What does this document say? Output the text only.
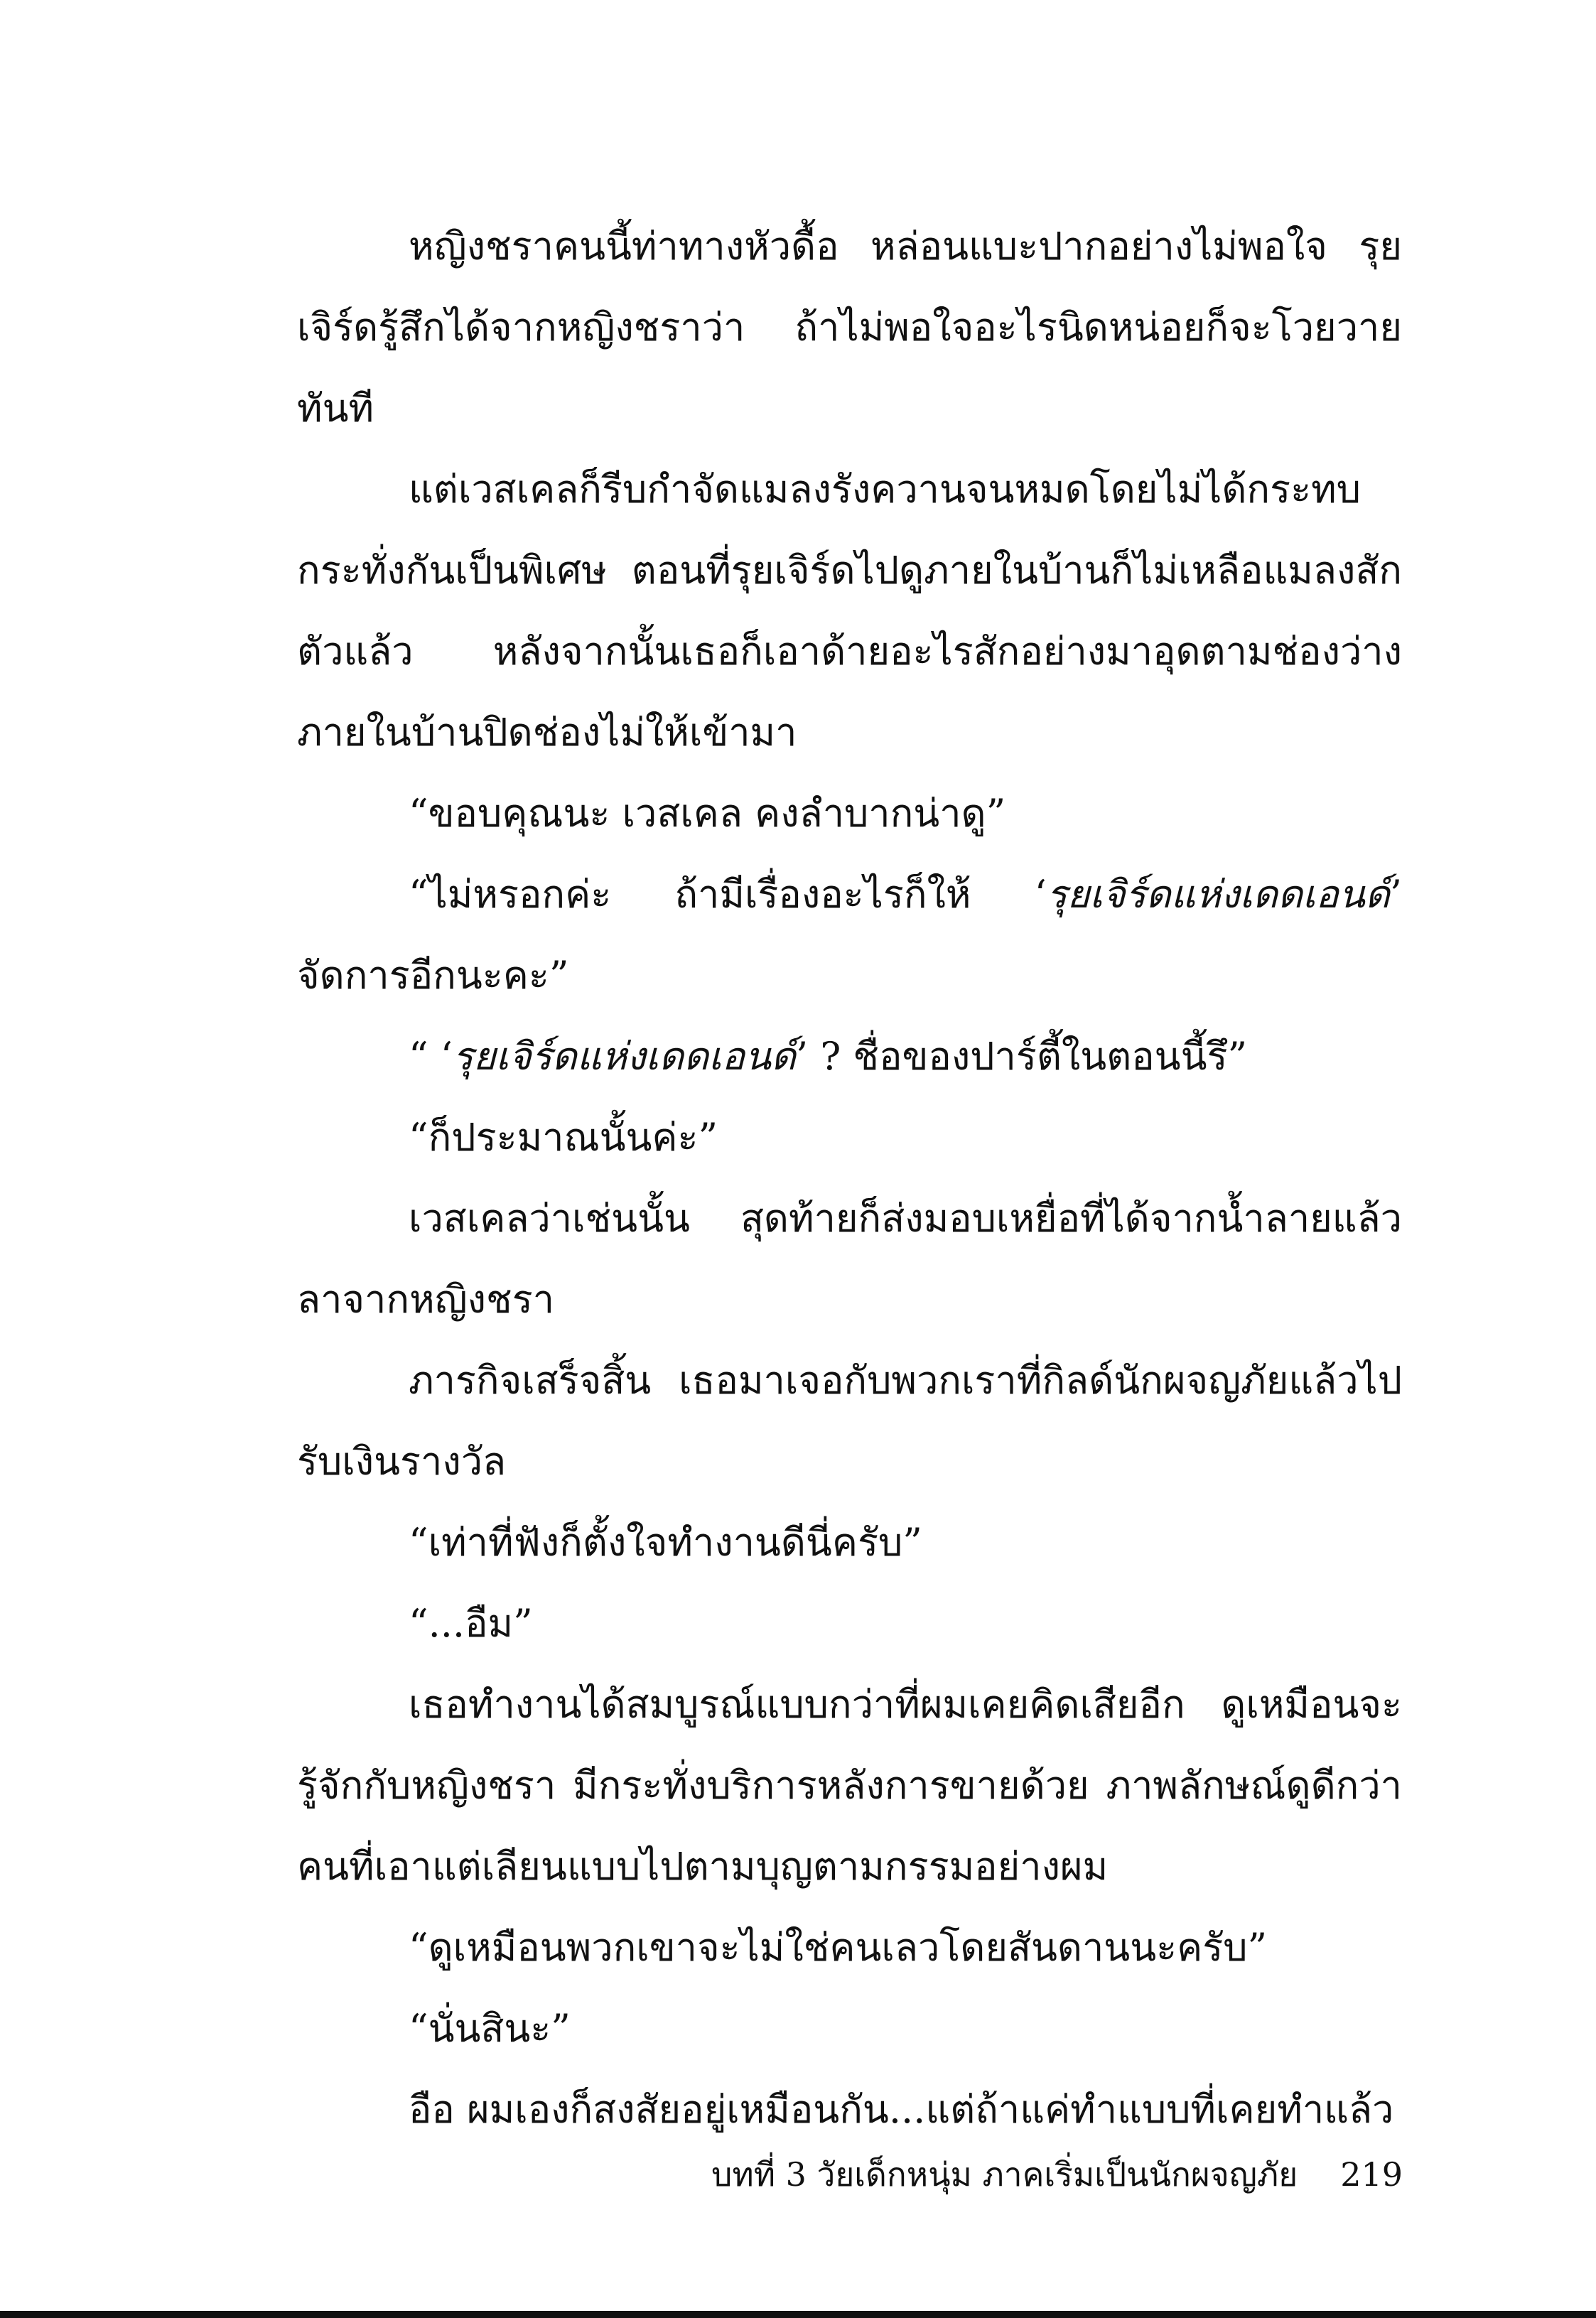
หญิงชราคนนี้ท่าทางหัวดื้อ หล่อนแบะปากอย่างไม่พอใจ รุยเจิร์ดรู้สึกได้จากหญิงชราว่า ถ้าไม่พอใจอะไรนิดหน่อยก็จะโวยวายทันที

แต่เวสเคลก็รีบกำจัดแมลงรังควานจนหมดโดยไม่ได้กระทบกระทั่งกันเป็นพิเศษ ตอนที่รุยเจิร์ดไปดูภายในบ้านก็ไม่เหลือแมลงสักตัวแล้ว หลังจากนั้นเธอก็เอาด้ายอะไรสักอย่างมาอุดตามช่องว่างภายในบ้านปิดช่องไม่ให้เข้ามา

“ขอบคุณนะ เวสเคล คงลำบากน่าดู”

“ไม่หรอกค่ะ ถ้ามีเรื่องอะไรก็ให้ ‘รุยเจิร์ดแห่งเดดเอนด์’ จัดการอีกนะคะ”

“ ‘รุยเจิร์ดแห่งเดดเอนด์’ ? ชื่อของปาร์ตี้ในตอนนี้รึ”

“ก็ประมาณนั้นค่ะ”

เวสเคลว่าเช่นนั้น สุดท้ายก็ส่งมอบเหยื่อที่ได้จากน้ำลายแล้วลาจากหญิงชรา

ภารกิจเสร็จสิ้น เธอมาเจอกับพวกเราที่กิลด์นักผจญภัยแล้วไปรับเงินรางวัล

“เท่าที่ฟังก็ตั้งใจทำงานดีนี่ครับ”

“...อืม”

เธอทำงานได้สมบูรณ์แบบกว่าที่ผมเคยคิดเสียอีก ดูเหมือนจะรู้จักกับหญิงชรา มีกระทั่งบริการหลังการขายด้วย ภาพลักษณ์ดูดีกว่าคนที่เอาแต่เลียนแบบไปตามบุญตามกรรมอย่างผม

“ดูเหมือนพวกเขาจะไม่ใช่คนเลวโดยสันดานนะครับ”

“นั่นสินะ”

อือ ผมเองก็สงสัยอยู่เหมือนกัน...แต่ถ้าแค่ทำแบบที่เคยทำแล้ว

บทที่ 3 วัยเด็กหนุ่ม ภาคเริ่มเป็นนักผจญภัย 219
